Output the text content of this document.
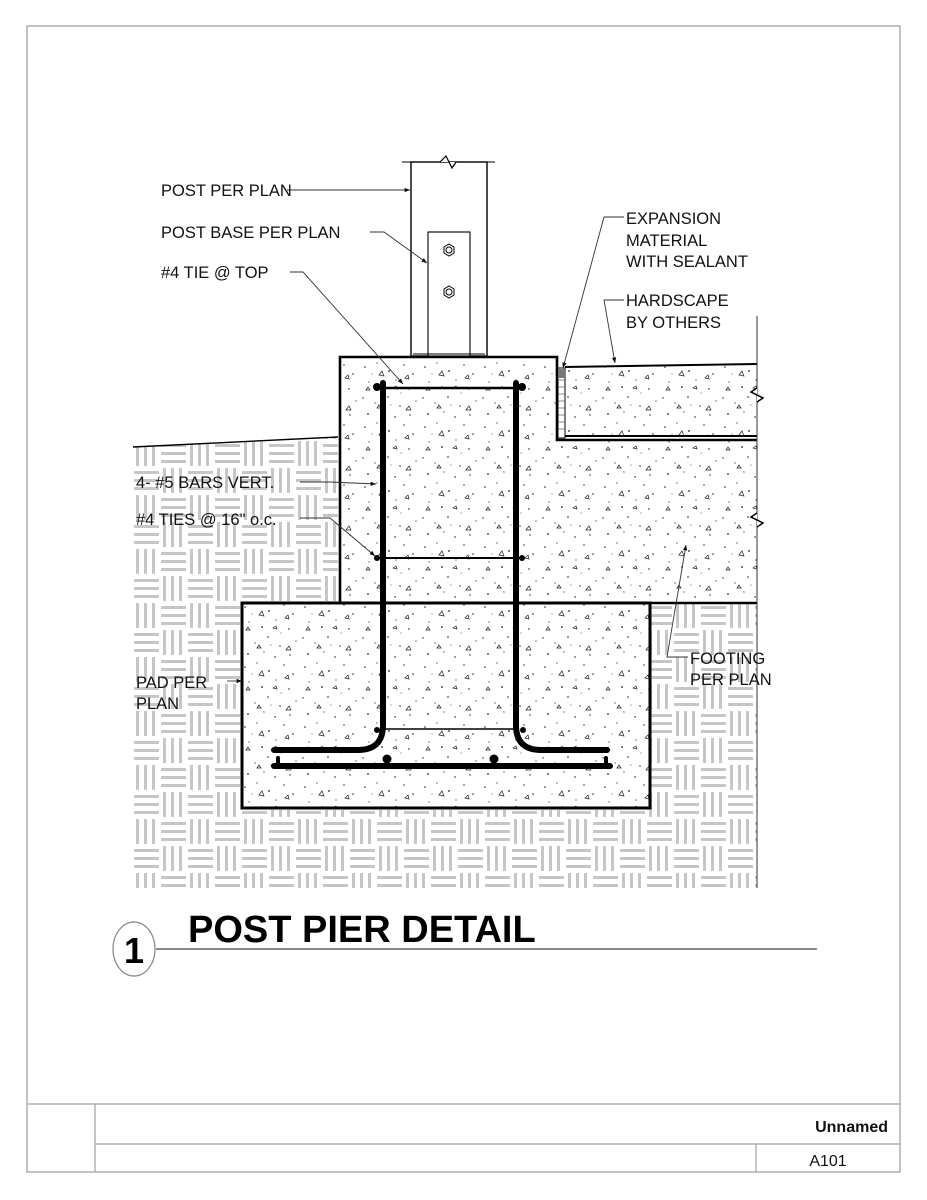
POST PER PLAN
POST BASE PER PLAN
#4 TIE @ TOP
4- #5 BARS VERT.
#4 TIES @ 16" o.c.
PAD PER
PLAN
EXPANSION
MATERIAL
WITH SEALANT
HARDSCAPE
BY OTHERS
FOOTING
PER PLAN
1 POST PIER DETAIL
Unnamed
A101
